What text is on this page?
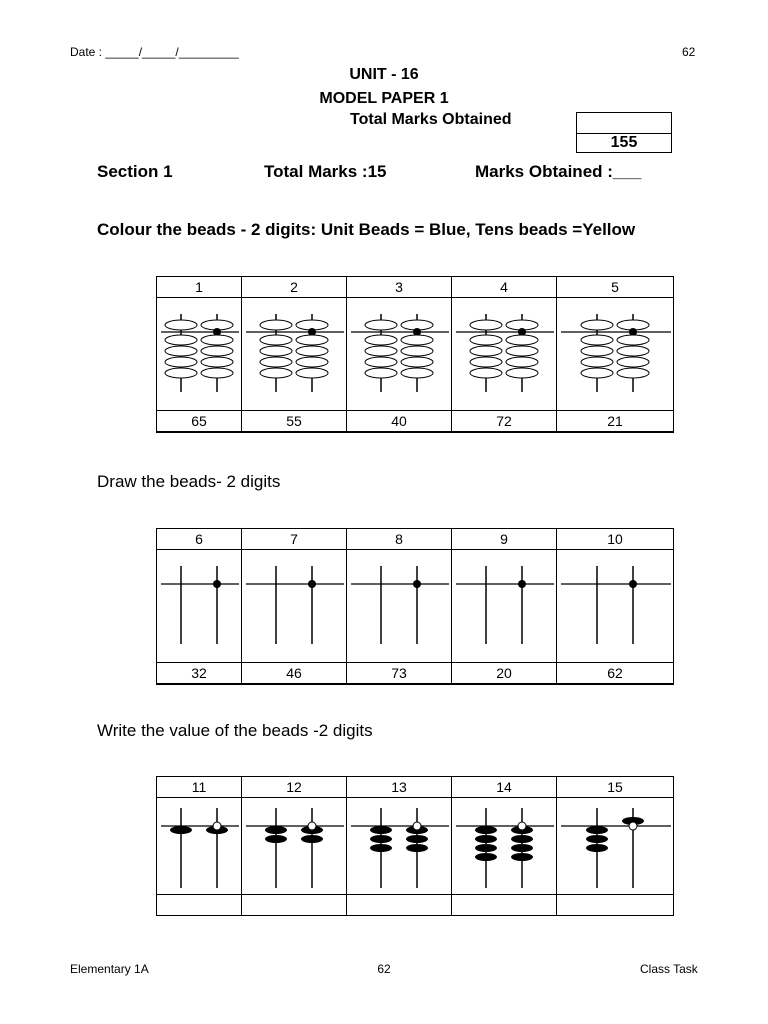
Date : _____/_____/_________	62
UNIT - 16
MODEL PAPER 1
Total Marks Obtained
155
Section 1	Total Marks :15	Marks Obtained :___
Colour the beads - 2 digits: Unit Beads = Blue, Tens beads =Yellow
1	2	3	4	5

65	55	40	72	21
Draw the beads- 2 digits
6	7	8	9	10

32	46	73	20	62
Write the value of the beads -2 digits
11	12	13	14	15

Elementary 1A	62	Class Task
